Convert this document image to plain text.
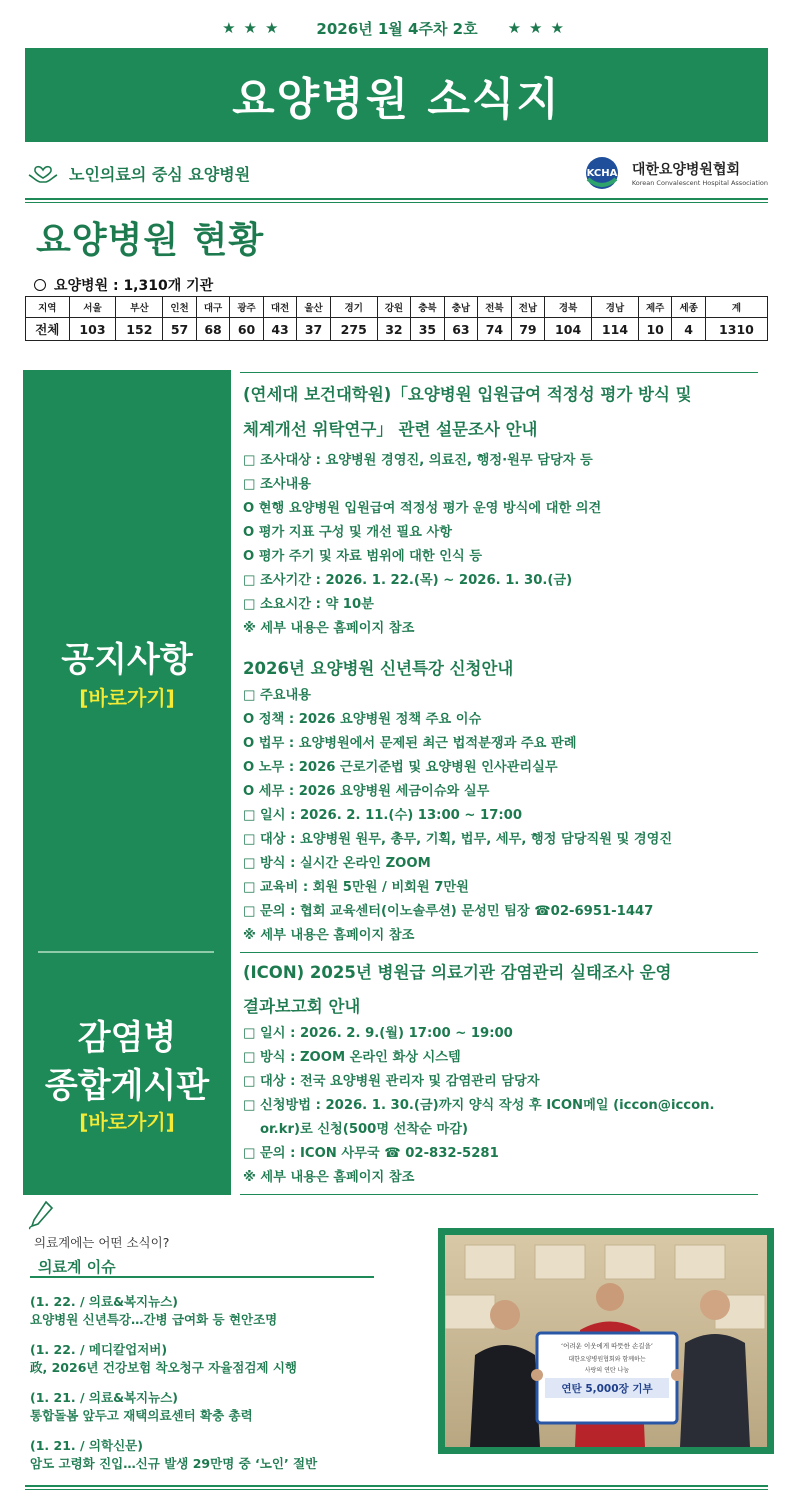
★★★ 2026년 1월 4주차 2호 ★★★
요양병원 소식지
노인의료의 중심 요양병원	KCHA 대한요양병원협회
Korean Convalescent Hospital Association
요양병원 현황
요양병원 : 1,310개 기관
지역	서울	부산	인천	대구	광주	대전	울산	경기	강원	충북	충남	전북	전남	경북	경남	제주	세종	계
전체	103	152	57	68	60	43	37	275	32	35	63	74	79	104	114	10	4	1310
공지사항
[바로가기]
감염병
종합게시판
[바로가기]
(연세대 보건대학원)「요양병원 입원급여 적정성 평가 방식 및
체계개선 위탁연구」 관련 설문조사 안내
□ 조사대상 : 요양병원 경영진, 의료진, 행정·원무 담당자 등
□ 조사내용
O 현행 요양병원 입원급여 적정성 평가 운영 방식에 대한 의견
O 평가 지표 구성 및 개선 필요 사항
O 평가 주기 및 자료 범위에 대한 인식 등
□ 조사기간 : 2026. 1. 22.(목) ~ 2026. 1. 30.(금)
□ 소요시간 : 약 10분
※ 세부 내용은 홈페이지 참조
2026년 요양병원 신년특강 신청안내
□ 주요내용
O 정책 : 2026 요양병원 정책 주요 이슈
O 법무 : 요양병원에서 문제된 최근 법적분쟁과 주요 판례
O 노무 : 2026 근로기준법 및 요양병원 인사관리실무
O 세무 : 2026 요양병원 세금이슈와 실무
□ 일시 : 2026. 2. 11.(수) 13:00 ~ 17:00
□ 대상 : 요양병원 원무, 총무, 기획, 법무, 세무, 행정 담당직원 및 경영진
□ 방식 : 실시간 온라인 ZOOM
□ 교육비 : 회원 5만원 / 비회원 7만원
□ 문의 : 협회 교육센터(이노솔루션) 문성민 팀장 ☎02-6951-1447
※ 세부 내용은 홈페이지 참조
(ICON) 2025년 병원급 의료기관 감염관리 실태조사 운영
결과보고회 안내
□ 일시 : 2026. 2. 9.(월) 17:00 ~ 19:00
□ 방식 : ZOOM 온라인 화상 시스템
□ 대상 : 전국 요양병원 관리자 및 감염관리 담당자
□ 신청방법 : 2026. 1. 30.(금)까지 양식 작성 후 ICON메일 (iccon@iccon.
or.kr)로 신청(500명 선착순 마감)
□ 문의 : ICON 사무국 ☎ 02-832-5281
※ 세부 내용은 홈페이지 참조
의료계에는 어떤 소식이?
의료계 이슈
(1. 22. / 의료&복지뉴스)
요양병원 신년특강…간병 급여화 등 현안조명
(1. 22. / 메디칼업저버)
政, 2026년 건강보험 착오청구 자율점검제 시행
(1. 21. / 의료&복지뉴스)
통합돌봄 앞두고 재택의료센터 확충 총력
(1. 21. / 의학신문)
암도 고령화 진입…신규 발생 29만명 중 ‘노인’ 절반
‘어려운 이웃에게 따뜻한 손길을’
대한요양병원협회와 함께하는
사랑의 연탄 나눔
연탄 5,000장 기부
